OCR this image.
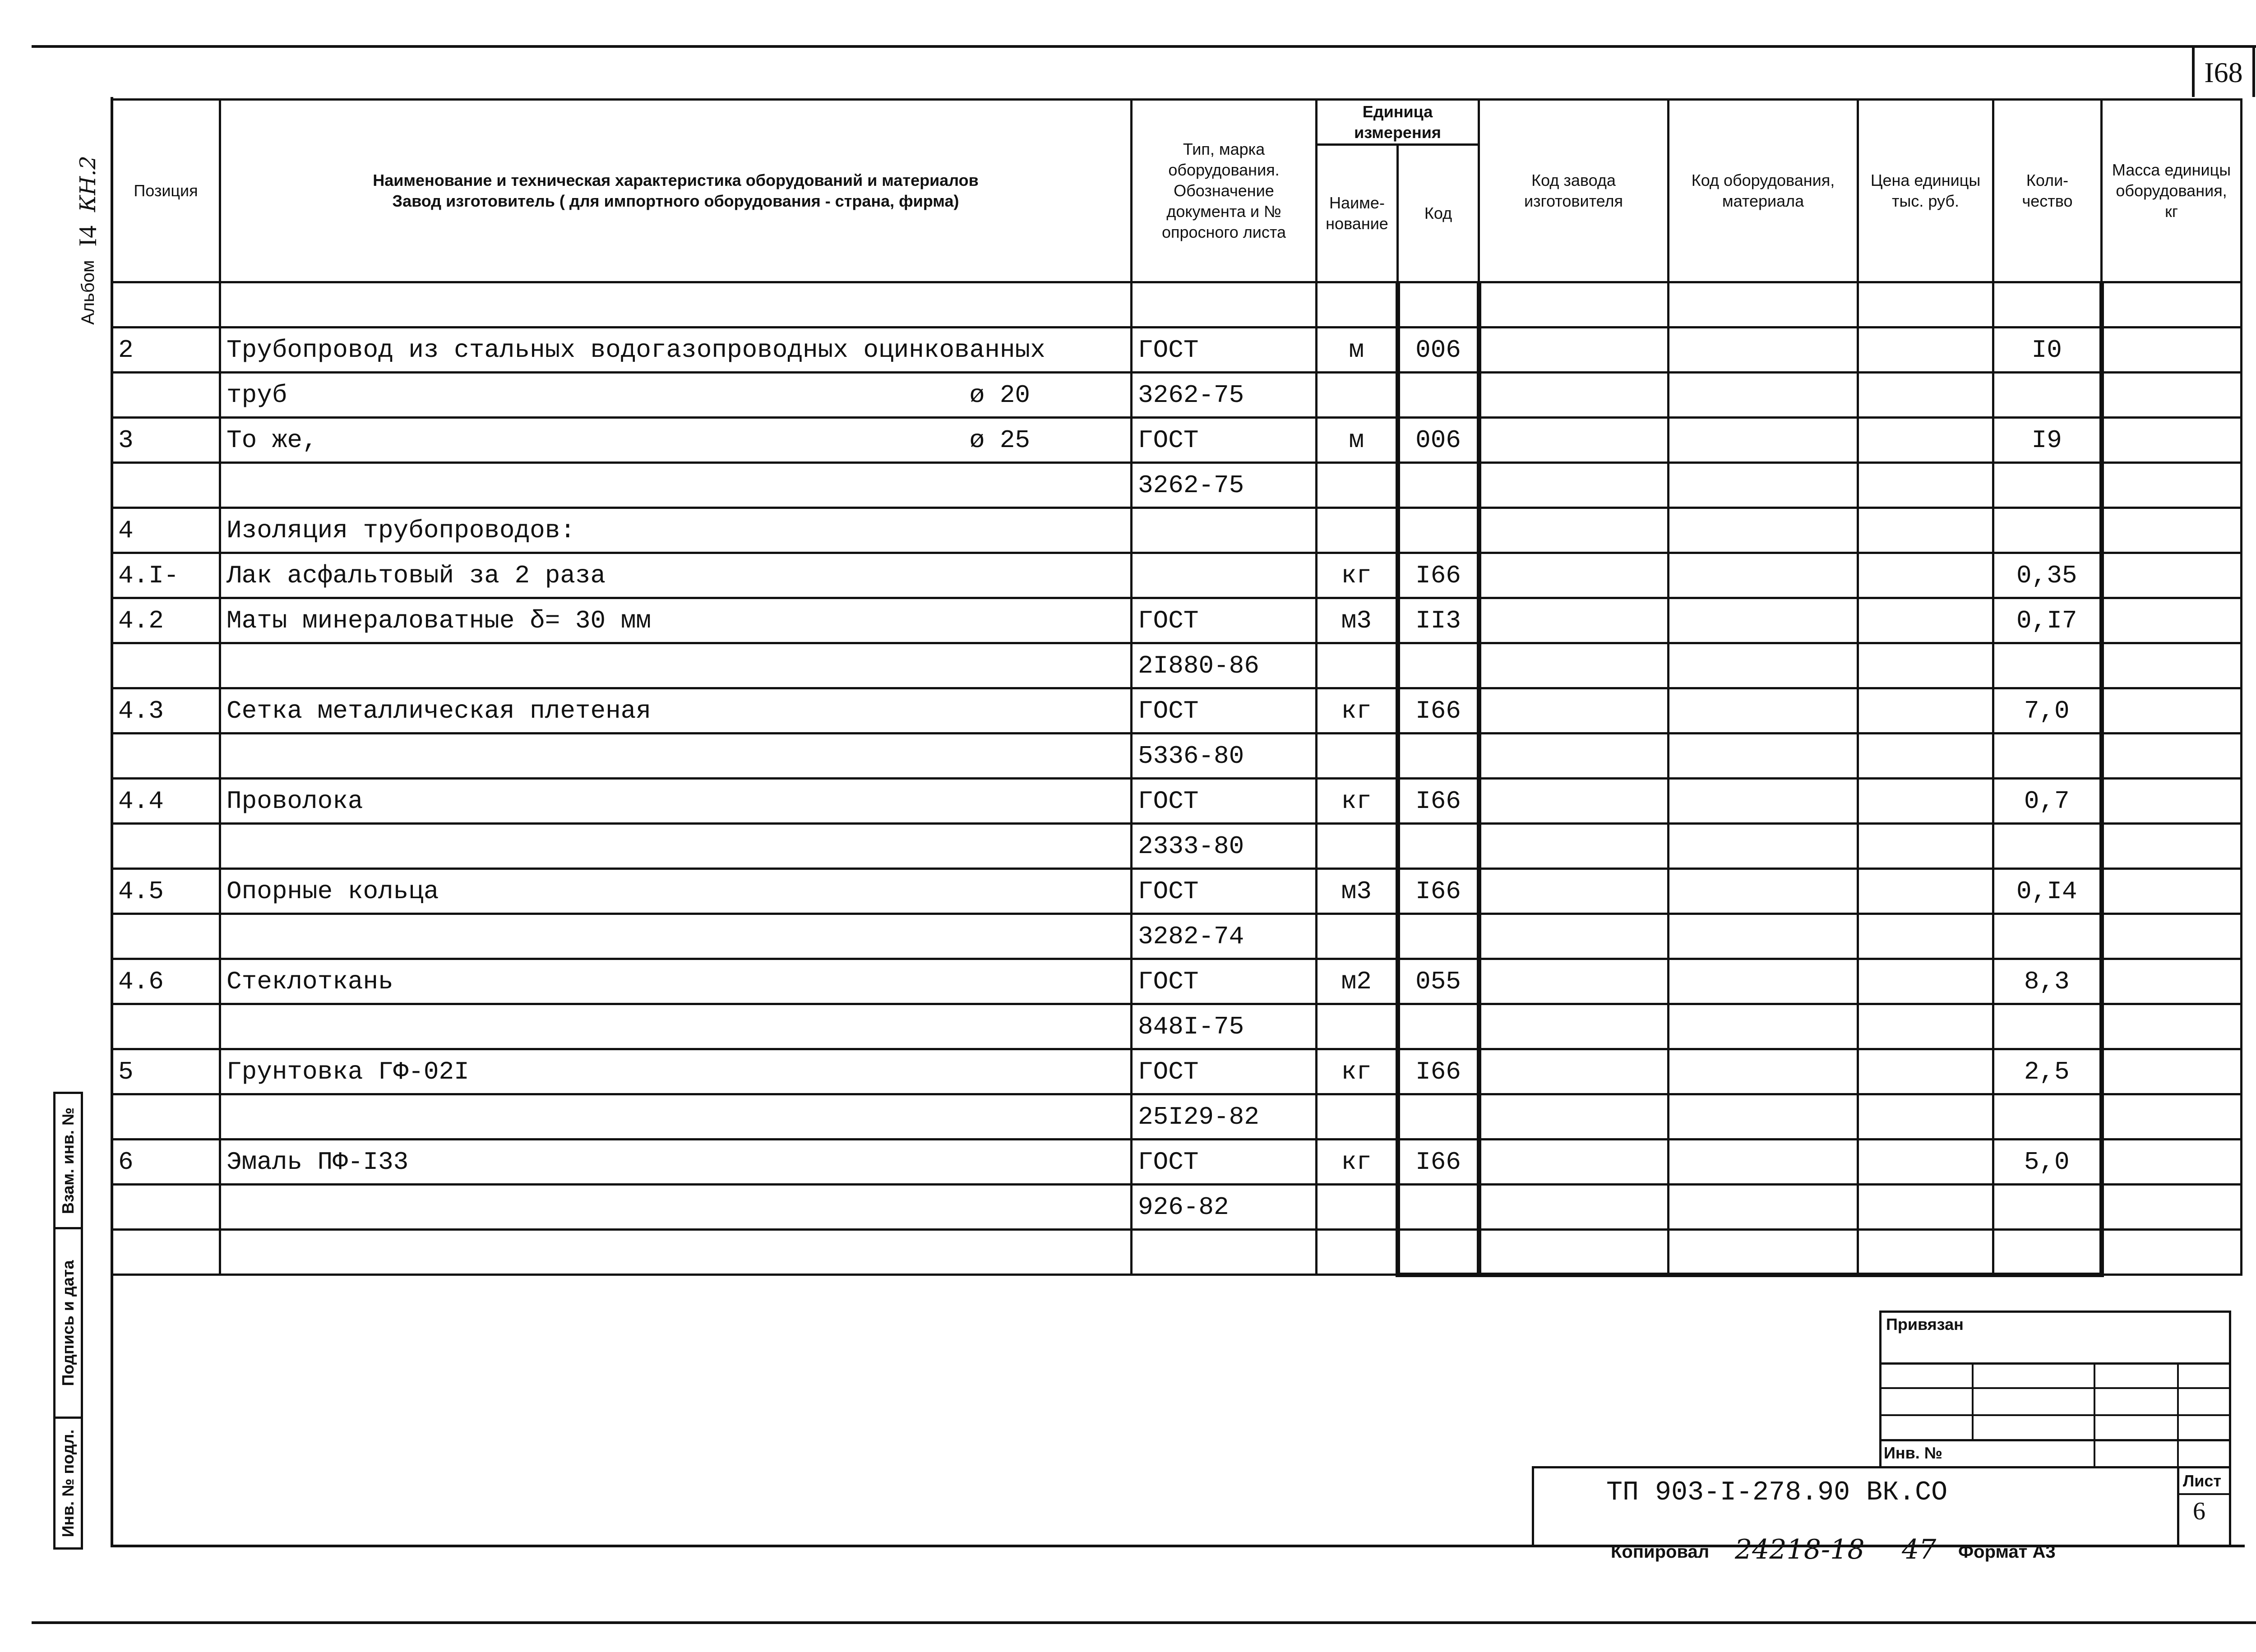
I68
Альбом
I4
КН.2 Позиция	Наименование и техническая характеристика оборудований и материалов
Завод изготовитель ( для импортного оборудования - страна, фирма)	Тип, марка оборудования. Обозначение документа и № опросного листа	Единица измерения		Код завода изготовителя	Код оборудования, материала	Цена единицы тыс. руб.	Коли- чество	Масса единицы оборудования, кг
			Наиме- нование	Код					

2	Трубопровод из стальных водогазопроводных оцинкованных	ГОСТ	м	006				I0	
	труб ø 20	3262-75							
3	То же, ø 25	ГОСТ	м	006				I9	
		3262-75							
4	Изоляция трубопроводов:								
4.I-	Лак асфальтовый за 2 раза		кг	I66				0,35	
4.2	Маты минераловатные δ= 30 мм	ГОСТ	м3	II3				0,I7	
		2I880-86							
4.3	Сетка металлическая плетеная	ГОСТ	кг	I66				7,0	
		5336-80							
4.4	Проволока	ГОСТ	кг	I66				0,7	
		2333-80							
4.5	Опорные кольца	ГОСТ	м3	I66				0,I4	
		3282-74							
4.6	Стеклоткань	ГОСТ	м2	055				8,3	
		848I-75							
5	Грунтовка ГФ-02I	ГОСТ	кг	I66				2,5	
		25I29-82							
6	Эмаль ПФ-I33	ГОСТ	кг	I66				5,0	
		926-82							

Взам. инв. №
Подпись и дата
Инв. № подл.
Привязан
Инв. №
ТП 903-I-278.90 ВК.СО	Лист
6
Копировал 24218-18 47 Формат А3
